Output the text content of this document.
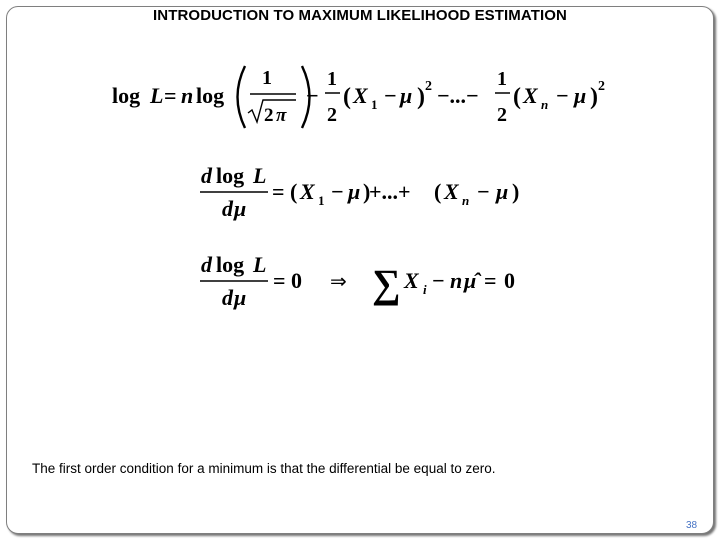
INTRODUCTION TO MAXIMUM LIKELIHOOD ESTIMATION
log L = n log
1
2 π
−
1
2
( X − μ
1 ) 2 −...−
1
2
( X − μ
n ) 2
d log L
d μ
= ( X − μ )
+...+ ( X − μ )
1	n
d log L
d μ
= 0 ⇒ ∑ X − n μ̂ = 0
i
The first order condition for a minimum is that the differential be equal to zero.
38
